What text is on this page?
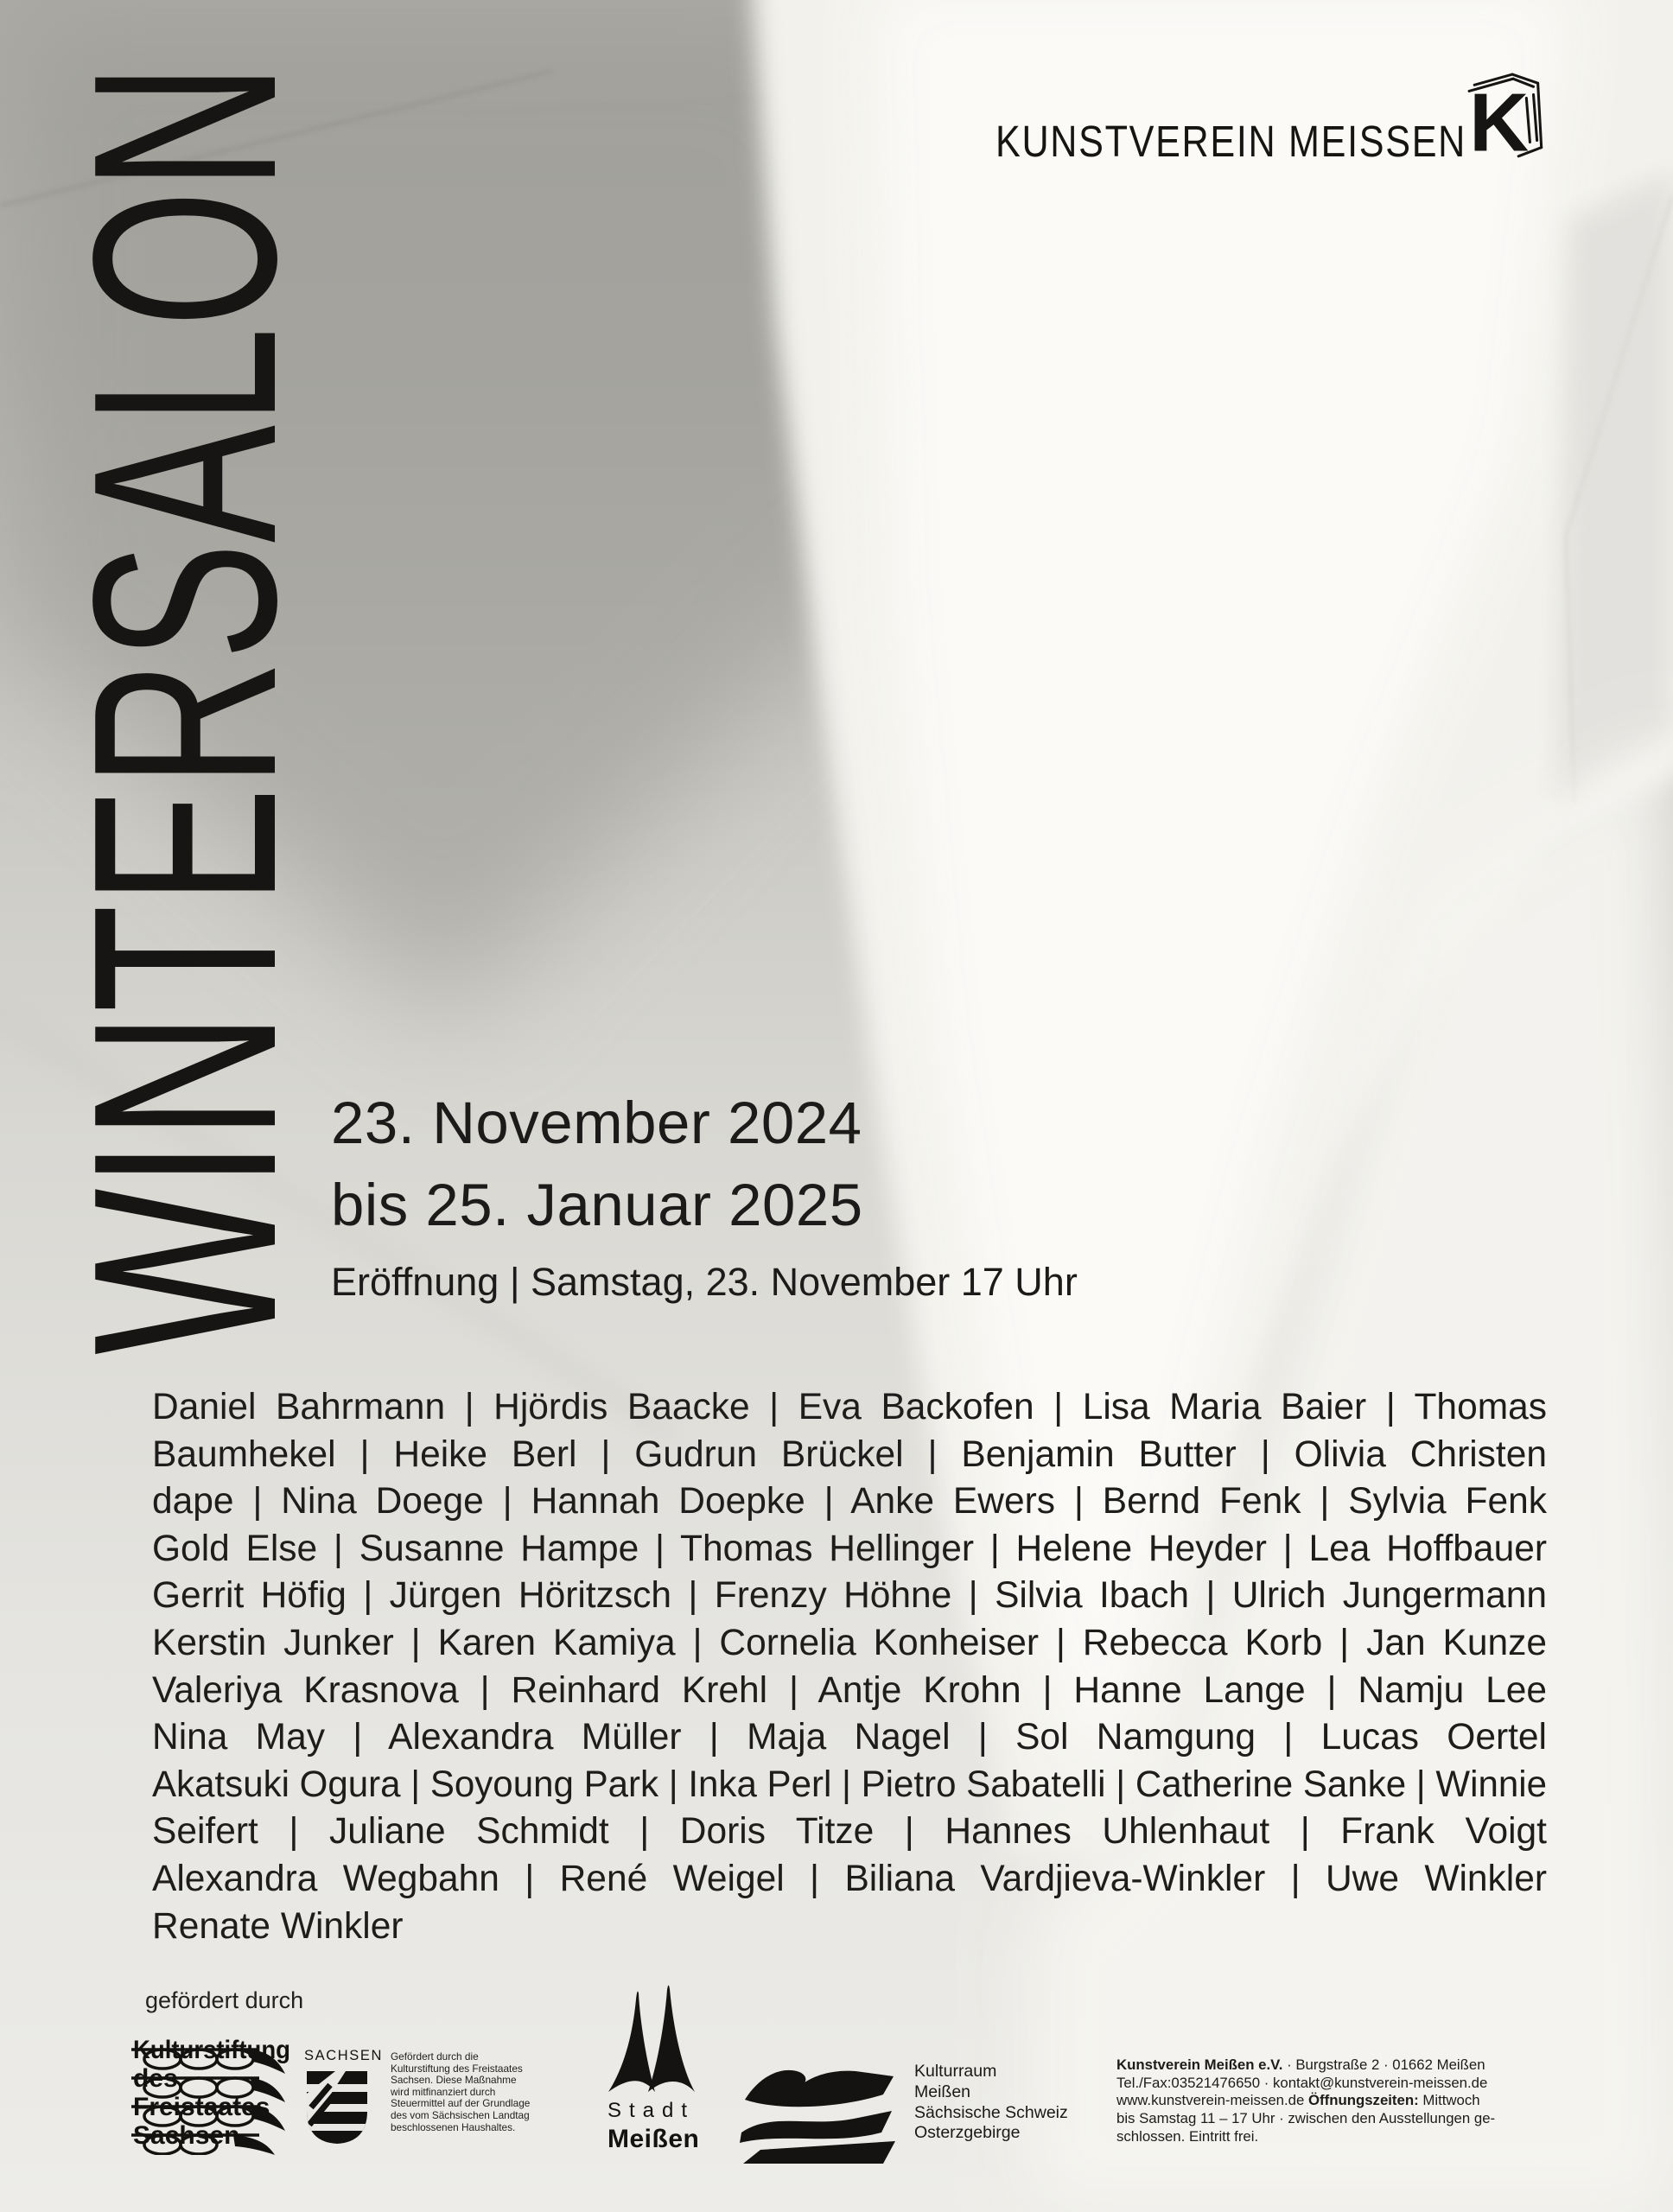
WINTERSALON	KUNSTVEREIN MEISSEN K
23. November 2024
bis 25. Januar 2025
Eröffnung | Samstag, 23. November 17 Uhr
Daniel Bahrmann | Hjördis Baacke | Eva Backofen | Lisa Maria Baier | Thomas
Baumhekel | Heike Berl | Gudrun Brückel | Benjamin Butter | Olivia Christen
dape | Nina Doege | Hannah Doepke | Anke Ewers | Bernd Fenk | Sylvia Fenk
Gold Else | Susanne Hampe | Thomas Hellinger | Helene Heyder | Lea Hoffbauer
Gerrit Höfig | Jürgen Höritzsch | Frenzy Höhne | Silvia Ibach | Ulrich Jungermann
Kerstin Junker | Karen Kamiya | Cornelia Konheiser | Rebecca Korb | Jan Kunze
Valeriya Krasnova | Reinhard Krehl | Antje Krohn | Hanne Lange | Namju Lee
Nina May | Alexandra Müller | Maja Nagel | Sol Namgung | Lucas Oertel
Akatsuki Ogura | Soyoung Park | Inka Perl | Pietro Sabatelli | Catherine Sanke | Winnie
Seifert | Juliane Schmidt | Doris Titze | Hannes Uhlenhaut | Frank Voigt
Alexandra Wegbahn | René Weigel | Biliana Vardjieva-Winkler | Uwe Winkler
Renate Winkler
gefördert durch
Kulturstiftung
des
Freistaates
Sachsen
SACHSEN Gefördert durch die
Kulturstiftung des Freistaates
Sachsen. Diese Maßnahme
wird mitfinanziert durch
Steuermittel auf der Grundlage
des vom Sächsischen Landtag
beschlossenen Haushaltes.
Stadt
Meißen
Kulturraum
Meißen
Sächsische Schweiz
Osterzgebirge
Kunstverein Meißen e.V. · Burgstraße 2 · 01662 Meißen
Tel./Fax:03521476650 · kontakt@kunstverein-meissen.de
www.kunstverein-meissen.de Öffnungszeiten: Mittwoch
bis Samstag 11 – 17 Uhr · zwischen den Ausstellungen ge-
schlossen. Eintritt frei.
